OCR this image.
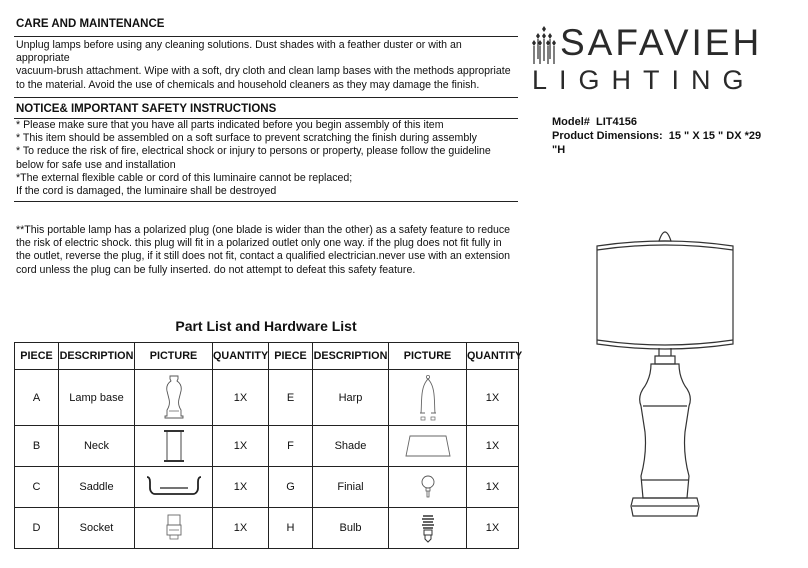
CARE AND MAINTENANCE
Unplug lamps before using any cleaning solutions. Dust shades with a feather duster or with an
appropriate
vacuum-brush attachment. Wipe with a soft, dry cloth and clean lamp bases with the methods appropriate
to the material. Avoid the use of chemicals and household cleaners as they may damage the finish.
NOTICE& IMPORTANT SAFETY INSTRUCTIONS
* Please make sure that you have all parts indicated before you begin assembly of this item
* This item should be assembled on a soft surface to prevent scratching the finish during assembly
* To reduce the risk of fire, electrical shock or injury to persons or property, please follow the guideline
below for safe use and installation
*The external flexible cable or cord of this luminaire cannot be replaced;
If the cord is damaged, the luminaire shall be destroyed
**This portable lamp has a polarized plug (one blade is wider than the other) as a safety feature to reduce
the risk of electric shock. this plug will fit in a polarized outlet only one way. if the plug does not fit fully in
the outlet, reverse the plug, if it still does not fit, contact a qualified electrician.never use with an extension
cord unless the plug can be fully inserted. do not attempt to defeat this safety feature.
Part List and Hardware List
PIECE	DESCRIPTION	PICTURE	QUANTITY	PIECE	DESCRIPTION	PICTURE	QUANTITY
A	Lamp base		1X	E	Harp		1X
B	Neck		1X	F	Shade		1X
C	Saddle		1X	G	Finial		1X
D	Socket		1X	H	Bulb		1X
SAFAVIEH
LIGHTING
Model# LIT4156
Product Dimensions: 15 " X 15 " DX *29
"H
